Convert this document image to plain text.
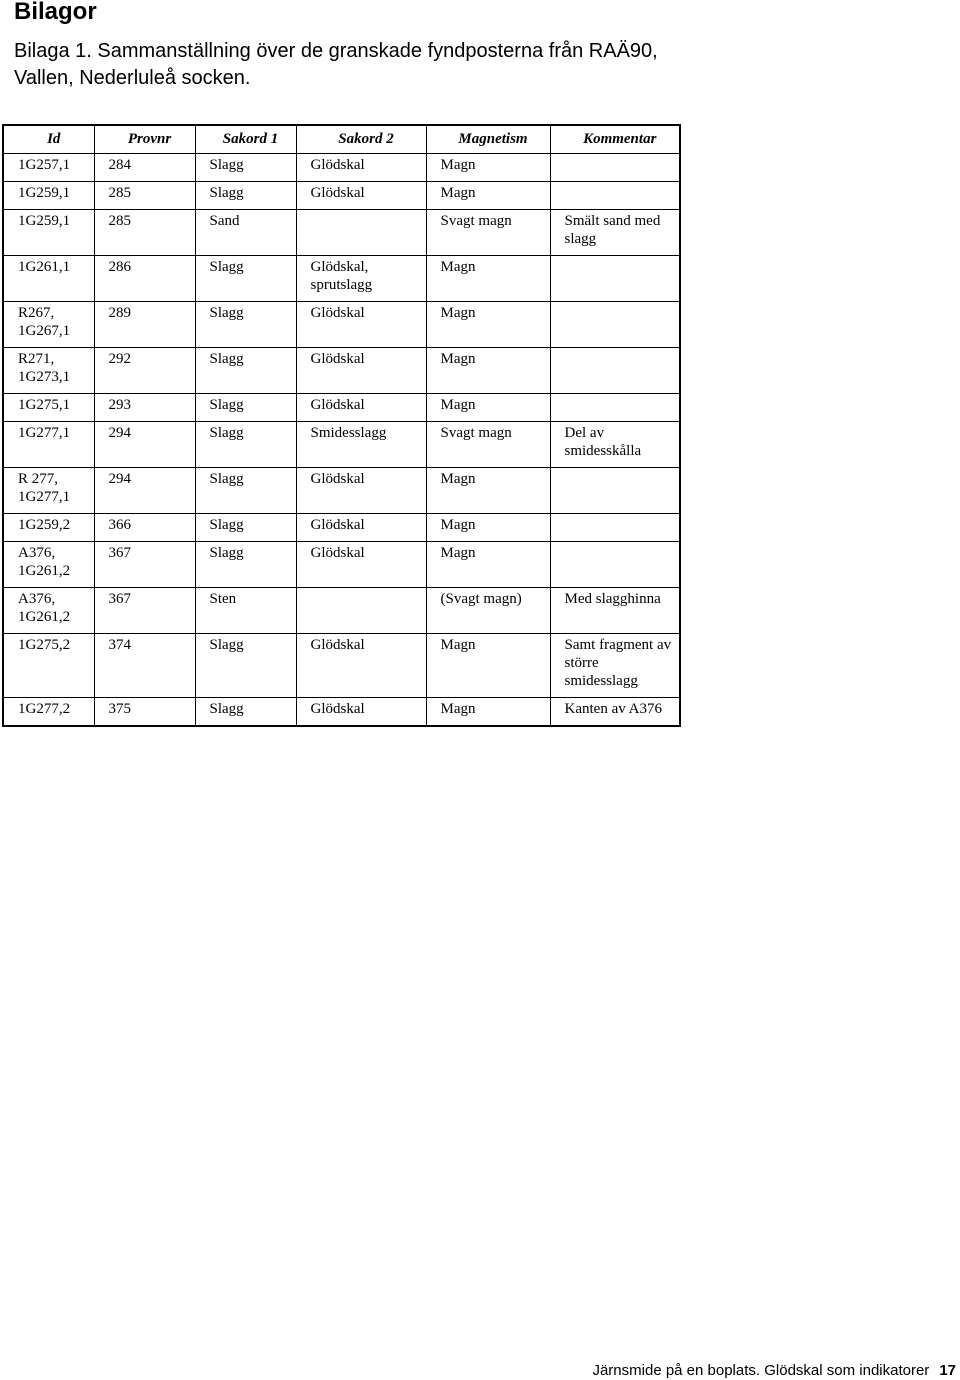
Bilagor

Bilaga 1. Sammanställning över de granskade fyndposterna från RAÄ90, Vallen, Nederluleå socken.

Id	Provnr	Sakord 1	Sakord 2	Magnetism	Kommentar
1G257,1	284	Slagg	Glödskal	Magn	
1G259,1	285	Slagg	Glödskal	Magn	
1G259,1	285	Sand		Svagt magn	Smält sand med slagg
1G261,1	286	Slagg	Glödskal, sprutslagg	Magn	
R267, 1G267,1	289	Slagg	Glödskal	Magn	
R271, 1G273,1	292	Slagg	Glödskal	Magn	
1G275,1	293	Slagg	Glödskal	Magn	
1G277,1	294	Slagg	Smidesslagg	Svagt magn	Del av smidesskålla
R 277, 1G277,1	294	Slagg	Glödskal	Magn	
1G259,2	366	Slagg	Glödskal	Magn	
A376, 1G261,2	367	Slagg	Glödskal	Magn	
A376, 1G261,2	367	Sten		(Svagt magn)	Med slagghinna
1G275,2	374	Slagg	Glödskal	Magn	Samt fragment av större smidesslagg
1G277,2	375	Slagg	Glödskal	Magn	Kanten av A376

Järnsmide på en boplats. Glödskal som indikatorer 17
